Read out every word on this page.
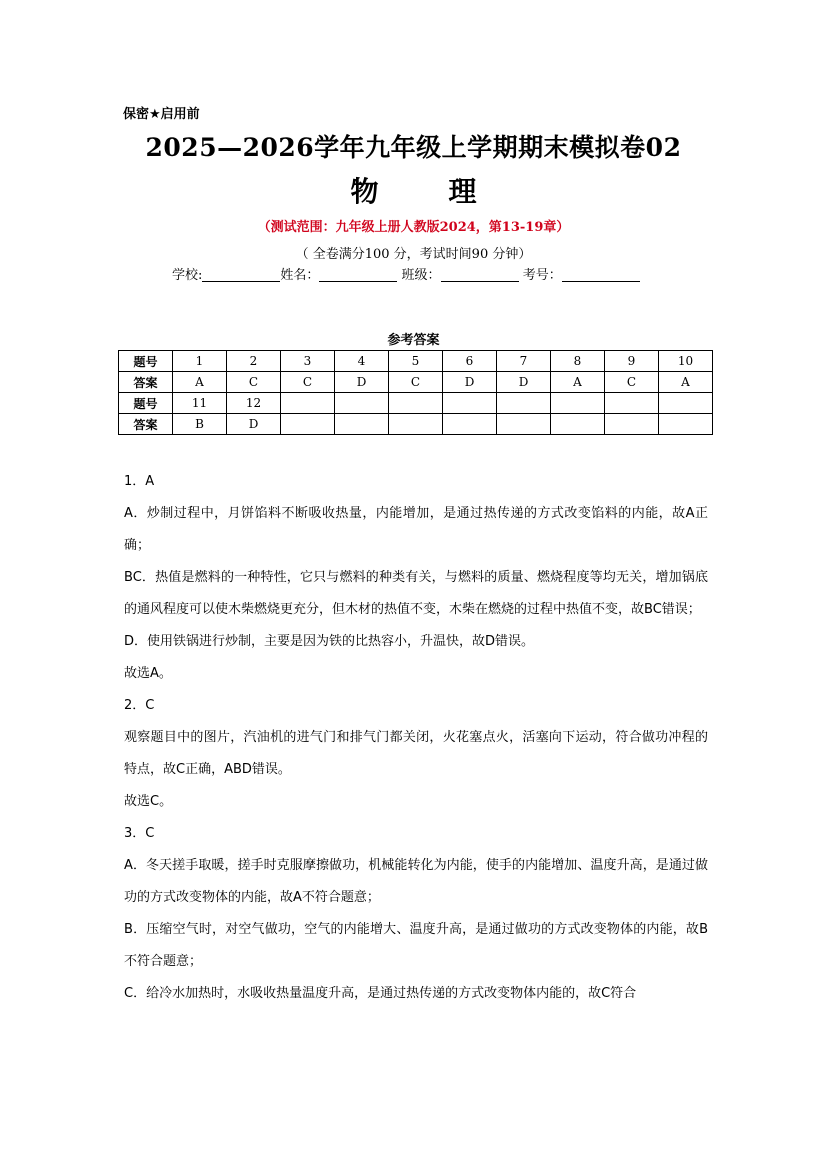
保密★启用前
2025—2026学年九年级上学期期末模拟卷02
物	理
（测试范围：九年级上册人教版2024，第13-19章）
（ 全卷满分100 分，考试时间90 分钟）
学校:	姓名：	班级：	考号：
参考答案
题号	1	2	3	4	5	6	7	8	9	10
答案	A	C	C	D	C	D	D	A	C	A
题号	11	12								
答案	B	D								

1．A

A．炒制过程中，月饼馅料不断吸收热量，内能增加，是通过热传递的方式改变馅料的内能，故A正确；

BC．热值是燃料的一种特性，它只与燃料的种类有关，与燃料的质量、燃烧程度等均无关，增加锅底的通风程度可以使木柴燃烧更充分，但木材的热值不变，木柴在燃烧的过程中热值不变，故BC错误；

D．使用铁锅进行炒制，主要是因为铁的比热容小，升温快，故D错误。

故选A。

2．C

观察题目中的图片，汽油机的进气门和排气门都关闭，火花塞点火，活塞向下运动，符合做功冲程的特点，故C正确，ABD错误。

故选C。

3．C

A．冬天搓手取暖，搓手时克服摩擦做功，机械能转化为内能，使手的内能增加、温度升高，是通过做功的方式改变物体的内能，故A不符合题意；

B．压缩空气时，对空气做功，空气的内能增大、温度升高，是通过做功的方式改变物体的内能，故B不符合题意；

C．给冷水加热时，水吸收热量温度升高，是通过热传递的方式改变物体内能的，故C符合
